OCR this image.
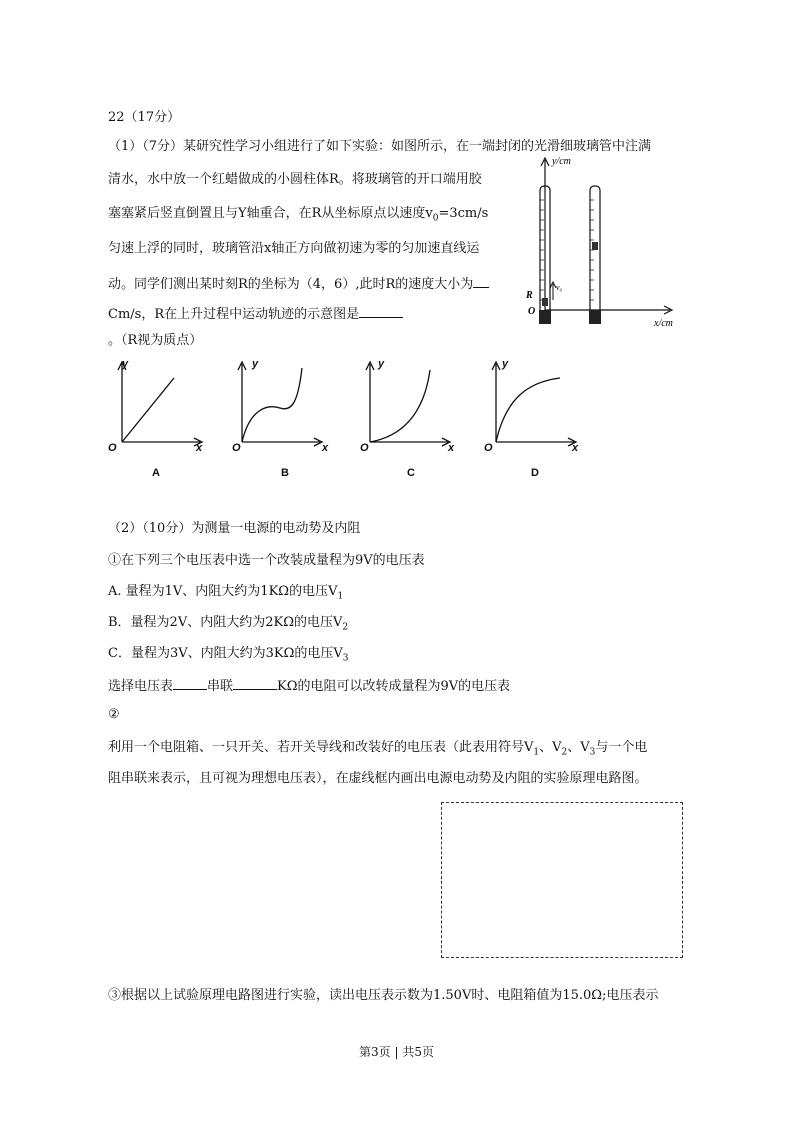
22（17分）
（1）（7分）某研究性学习小组进行了如下实验：如图所示，在一端封闭的光滑细玻璃管中注满
清水，水中放一个红蜡做成的小圆柱体R。将玻璃管的开口端用胶
塞塞紧后竖直倒置且与Y轴重合，在R从坐标原点以速度$v_0=3cm/s$
匀速上浮的同时，玻璃管沿x轴正方向做初速为零的匀加速直线运
动。同学们测出某时刻R的坐标为（4，6）,此时R的速度大小为
Cm/s，R在上升过程中运动轨迹的示意图是
。（R视为质点）
y/cm
x/cm
R
O
v₀
y
O	x
A
y
O	x
B
y
O	x
C
y
O	x
D
（2）（10分）为测量一电源的电动势及内阻
①在下列三个电压表中选一个改装成量程为9V的电压表
A. 量程为1V、内阻大约为1KΩ的电压$V_1$
B．量程为2V、内阻大约为2KΩ的电压$V_2$
C．量程为3V、内阻大约为3KΩ的电压$V_3$
选择电压表	串联	KΩ的电阻可以改转成量程为9V的电压表
②
利用一个电阻箱、一只开关、若开关导线和改装好的电压表（此表用符号$V_1$、$V_2$、$V_3$与一个电
阻串联来表示，且可视为理想电压表），在虚线框内画出电源电动势及内阻的实验原理电路图。
③根据以上试验原理电路图进行实验，读出电压表示数为1.50V时、电阻箱值为15.0Ω;电压表示
第3页 | 共5页
